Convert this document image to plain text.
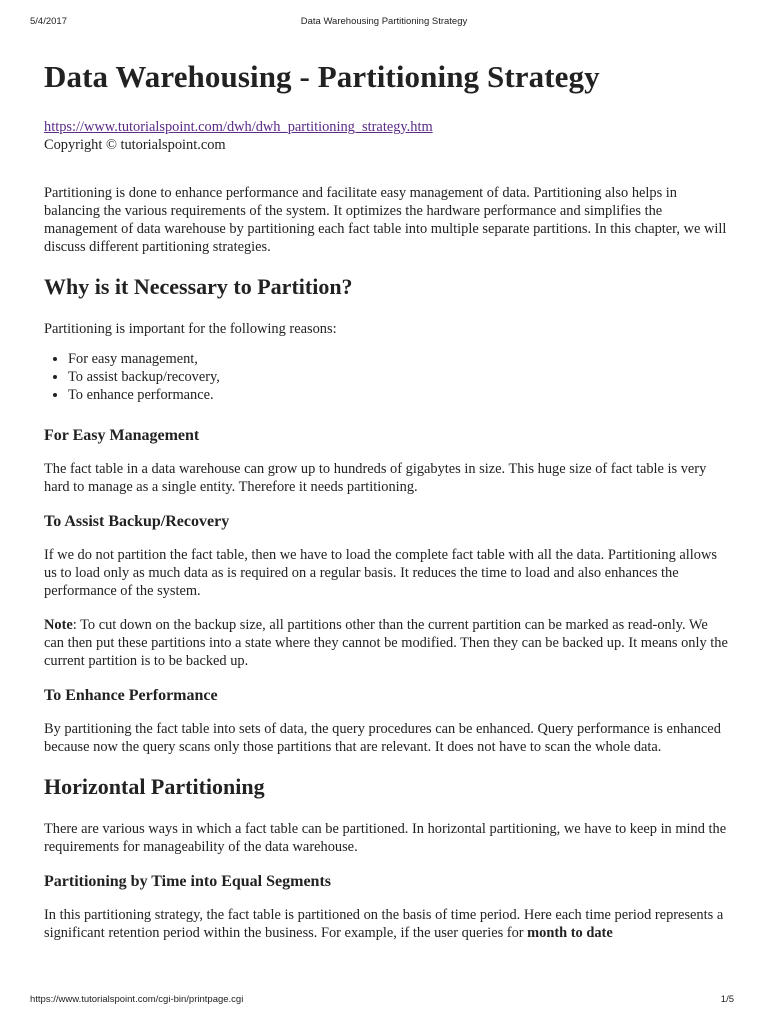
5/4/2017	Data Warehousing Partitioning Strategy
Data Warehousing - Partitioning Strategy
https://www.tutorialspoint.com/dwh/dwh_partitioning_strategy.htm
Copyright © tutorialspoint.com

Partitioning is done to enhance performance and facilitate easy management of data. Partitioning also helps in balancing the various requirements of the system. It optimizes the hardware performance and simplifies the management of data warehouse by partitioning each fact table into multiple separate partitions. In this chapter, we will discuss different partitioning strategies.

Why is it Necessary to Partition?

Partitioning is important for the following reasons:

• For easy management,
• To assist backup/recovery,
• To enhance performance.
For Easy Management

The fact table in a data warehouse can grow up to hundreds of gigabytes in size. This huge size of fact table is very hard to manage as a single entity. Therefore it needs partitioning.

To Assist Backup/Recovery

If we do not partition the fact table, then we have to load the complete fact table with all the data. Partitioning allows us to load only as much data as is required on a regular basis. It reduces the time to load and also enhances the performance of the system.

Note: To cut down on the backup size, all partitions other than the current partition can be marked as read-only. We can then put these partitions into a state where they cannot be modified. Then they can be backed up. It means only the current partition is to be backed up.

To Enhance Performance

By partitioning the fact table into sets of data, the query procedures can be enhanced. Query performance is enhanced because now the query scans only those partitions that are relevant. It does not have to scan the whole data.

Horizontal Partitioning

There are various ways in which a fact table can be partitioned. In horizontal partitioning, we have to keep in mind the requirements for manageability of the data warehouse.

Partitioning by Time into Equal Segments

In this partitioning strategy, the fact table is partitioned on the basis of time period. Here each time period represents a significant retention period within the business. For example, if the user queries for month to date

https://www.tutorialspoint.com/cgi-bin/printpage.cgi	1/5
